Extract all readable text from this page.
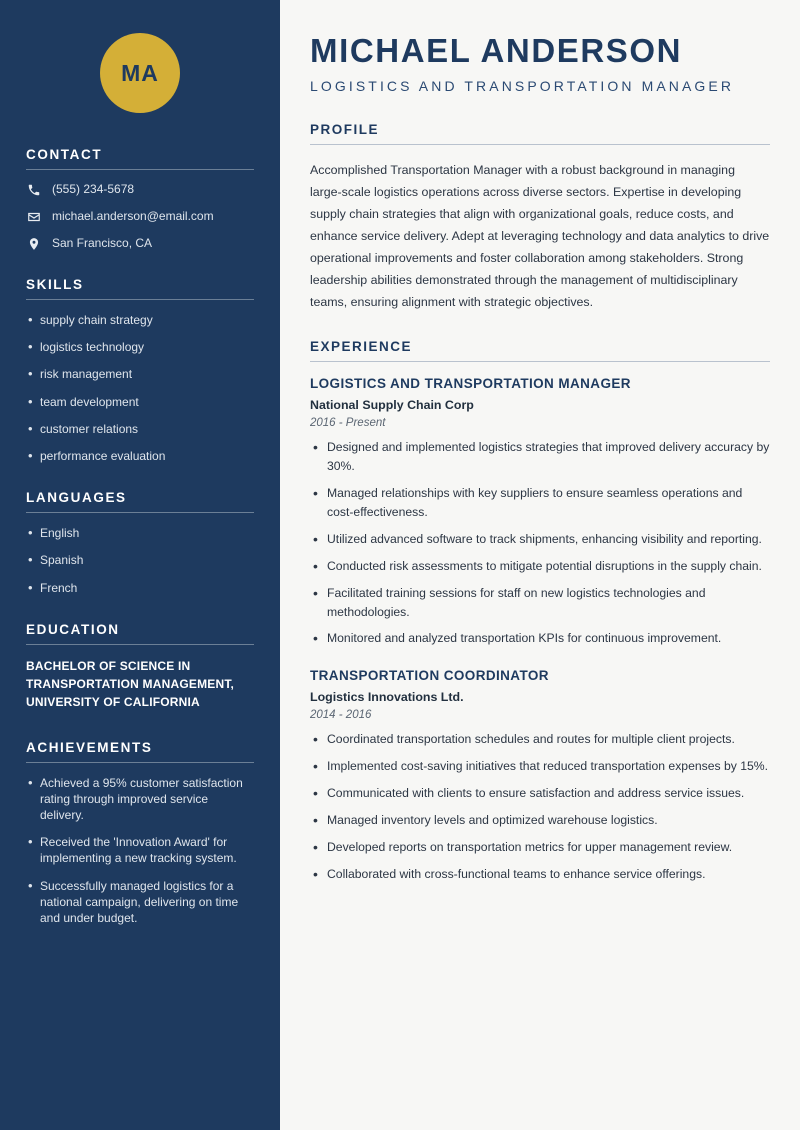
MA
CONTACT
(555) 234-5678
michael.anderson@email.com
San Francisco, CA
SKILLS
• supply chain strategy
• logistics technology
• risk management
• team development
• customer relations
• performance evaluation
LANGUAGES
• English
• Spanish
• French
EDUCATION
BACHELOR OF SCIENCE IN TRANSPORTATION MANAGEMENT, UNIVERSITY OF CALIFORNIA
ACHIEVEMENTS
• Achieved a 95% customer satisfaction rating through improved service delivery.
• Received the 'Innovation Award' for implementing a new tracking system.
• Successfully managed logistics for a national campaign, delivering on time and under budget.
MICHAEL ANDERSON
LOGISTICS AND TRANSPORTATION MANAGER
PROFILE

Accomplished Transportation Manager with a robust background in managing large-scale logistics operations across diverse sectors. Expertise in developing supply chain strategies that align with organizational goals, reduce costs, and enhance service delivery. Adept at leveraging technology and data analytics to drive operational improvements and foster collaboration among stakeholders. Strong leadership abilities demonstrated through the management of multidisciplinary teams, ensuring alignment with strategic objectives.

EXPERIENCE
LOGISTICS AND TRANSPORTATION MANAGER
National Supply Chain Corp
2016 - Present
• Designed and implemented logistics strategies that improved delivery accuracy by 30%.
• Managed relationships with key suppliers to ensure seamless operations and cost-effectiveness.
• Utilized advanced software to track shipments, enhancing visibility and reporting.
• Conducted risk assessments to mitigate potential disruptions in the supply chain.
• Facilitated training sessions for staff on new logistics technologies and methodologies.
• Monitored and analyzed transportation KPIs for continuous improvement.
TRANSPORTATION COORDINATOR
Logistics Innovations Ltd.
2014 - 2016
• Coordinated transportation schedules and routes for multiple client projects.
• Implemented cost-saving initiatives that reduced transportation expenses by 15%.
• Communicated with clients to ensure satisfaction and address service issues.
• Managed inventory levels and optimized warehouse logistics.
• Developed reports on transportation metrics for upper management review.
• Collaborated with cross-functional teams to enhance service offerings.
